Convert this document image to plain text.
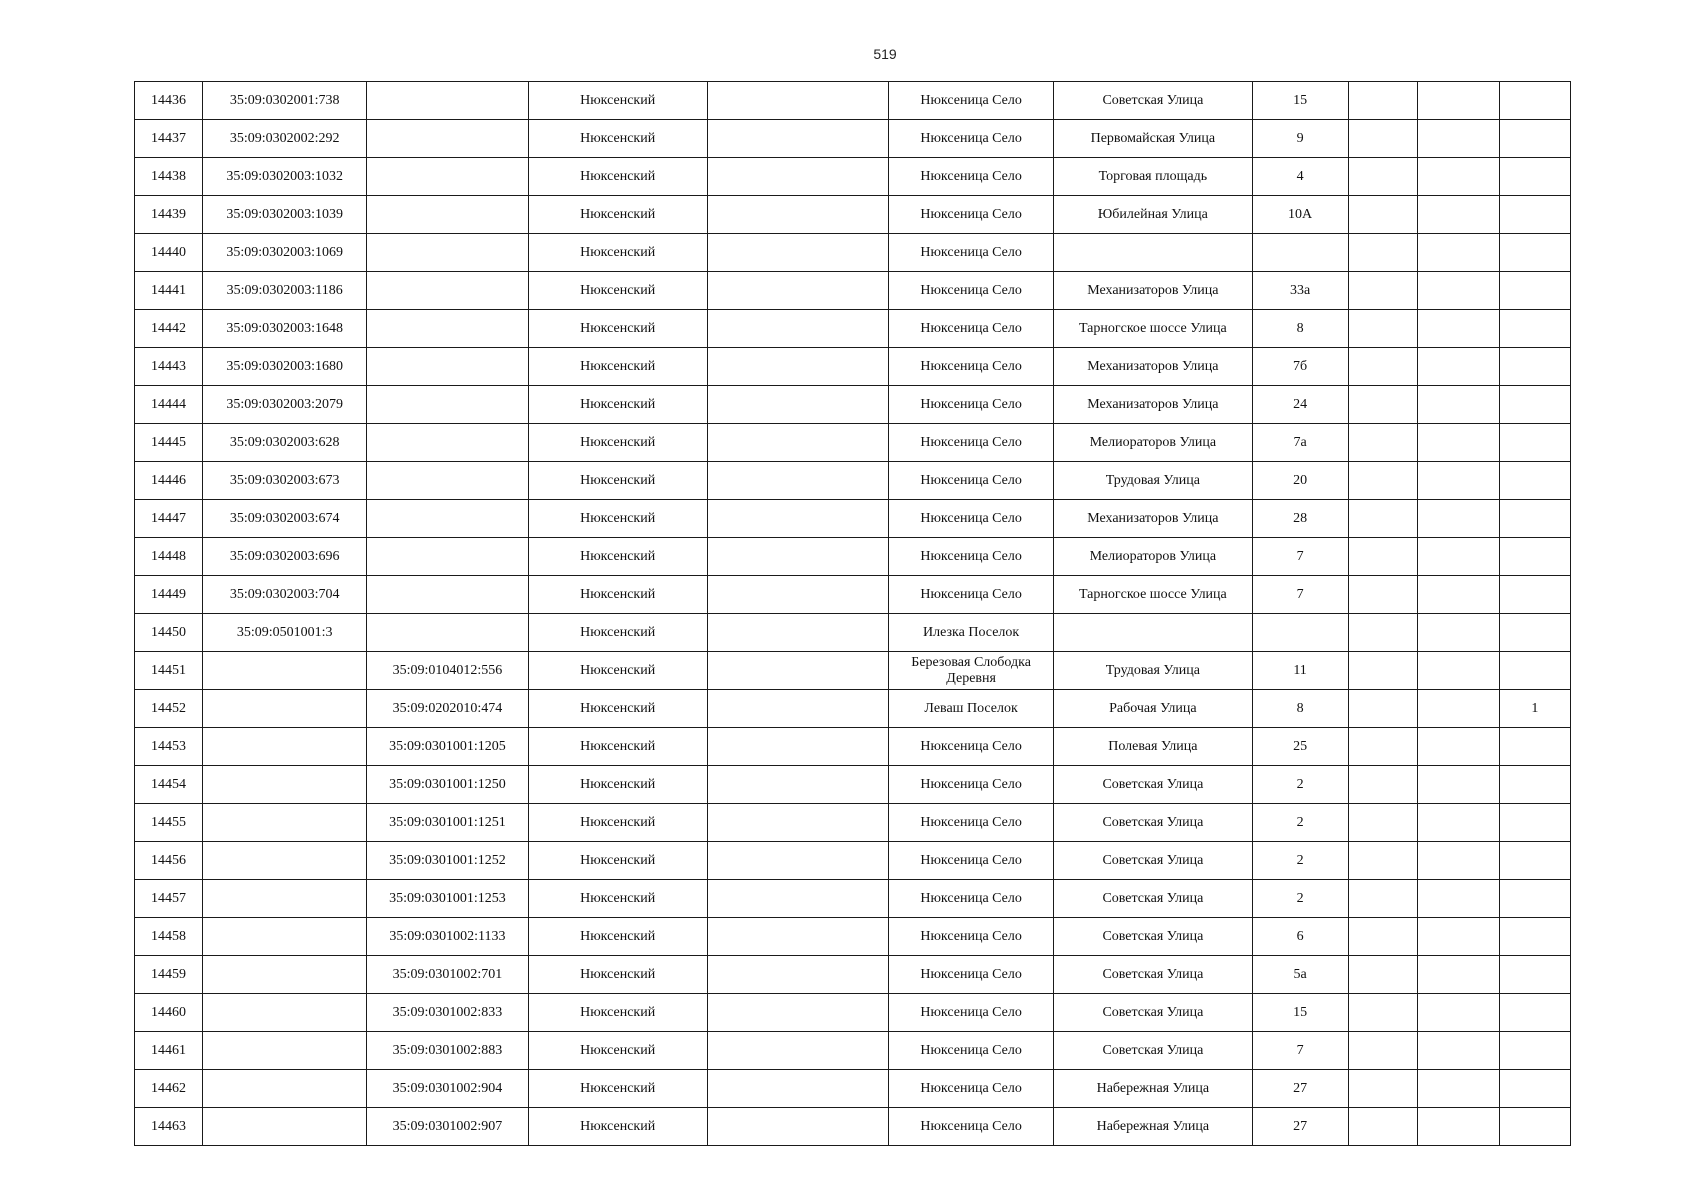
519
14436	35:09:0302001:738		Нюксенский		Нюксеница Село	Советская Улица	15			
14437	35:09:0302002:292		Нюксенский		Нюксеница Село	Первомайская Улица	9			
14438	35:09:0302003:1032		Нюксенский		Нюксеница Село	Торговая площадь	4			
14439	35:09:0302003:1039		Нюксенский		Нюксеница Село	Юбилейная Улица	10А			
14440	35:09:0302003:1069		Нюксенский		Нюксеница Село					
14441	35:09:0302003:1186		Нюксенский		Нюксеница Село	Механизаторов Улица	33а			
14442	35:09:0302003:1648		Нюксенский		Нюксеница Село	Тарногское шоссе Улица	8			
14443	35:09:0302003:1680		Нюксенский		Нюксеница Село	Механизаторов Улица	7б			
14444	35:09:0302003:2079		Нюксенский		Нюксеница Село	Механизаторов Улица	24			
14445	35:09:0302003:628		Нюксенский		Нюксеница Село	Мелиораторов Улица	7а			
14446	35:09:0302003:673		Нюксенский		Нюксеница Село	Трудовая Улица	20			
14447	35:09:0302003:674		Нюксенский		Нюксеница Село	Механизаторов Улица	28			
14448	35:09:0302003:696		Нюксенский		Нюксеница Село	Мелиораторов Улица	7			
14449	35:09:0302003:704		Нюксенский		Нюксеница Село	Тарногское шоссе Улица	7			
14450	35:09:0501001:3		Нюксенский		Илезка Поселок					
14451		35:09:0104012:556	Нюксенский		Березовая Слободка Деревня	Трудовая Улица	11			
14452		35:09:0202010:474	Нюксенский		Леваш Поселок	Рабочая Улица	8			1
14453		35:09:0301001:1205	Нюксенский		Нюксеница Село	Полевая Улица	25			
14454		35:09:0301001:1250	Нюксенский		Нюксеница Село	Советская Улица	2			
14455		35:09:0301001:1251	Нюксенский		Нюксеница Село	Советская Улица	2			
14456		35:09:0301001:1252	Нюксенский		Нюксеница Село	Советская Улица	2			
14457		35:09:0301001:1253	Нюксенский		Нюксеница Село	Советская Улица	2			
14458		35:09:0301002:1133	Нюксенский		Нюксеница Село	Советская Улица	6			
14459		35:09:0301002:701	Нюксенский		Нюксеница Село	Советская Улица	5а			
14460		35:09:0301002:833	Нюксенский		Нюксеница Село	Советская Улица	15			
14461		35:09:0301002:883	Нюксенский		Нюксеница Село	Советская Улица	7			
14462		35:09:0301002:904	Нюксенский		Нюксеница Село	Набережная Улица	27			
14463		35:09:0301002:907	Нюксенский		Нюксеница Село	Набережная Улица	27			
